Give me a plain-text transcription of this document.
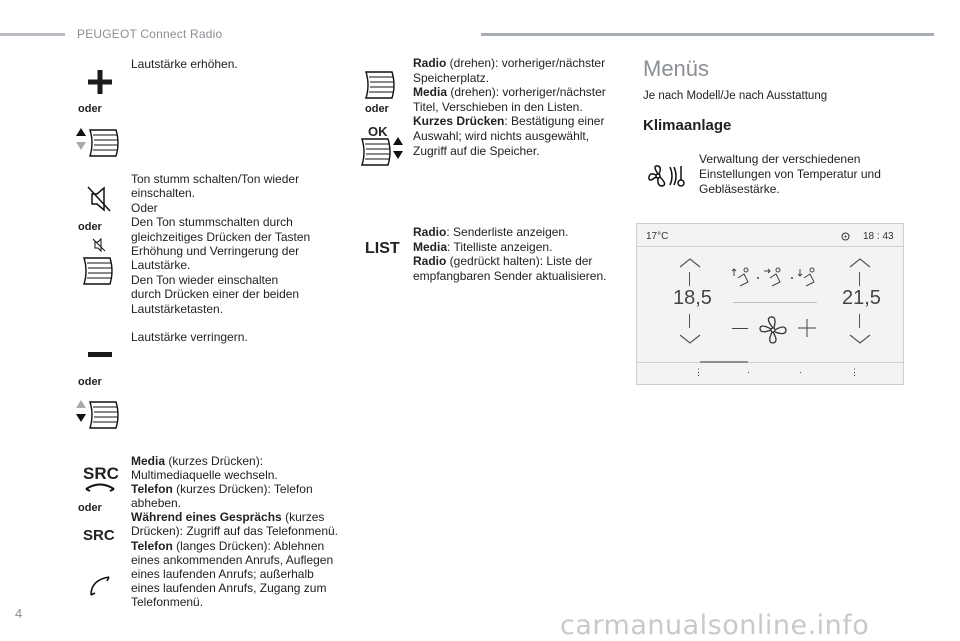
PEUGEOT Connect Radio
Lautstärke erhöhen.
oder
Ton stumm schalten/Ton wieder
einschalten.
Oder
Den Ton stummschalten durch
gleichzeitiges Drücken der Tasten
Erhöhung und Verringerung der
Lautstärke.
Den Ton wieder einschalten
durch Drücken einer der beiden
Lautstärketasten.
oder
Lautstärke verringern.
oder
SRC
oder
SRC
Media (kurzes Drücken):
Multimediaquelle wechseln.
Telefon (kurzes Drücken): Telefon
abheben.
Während eines Gesprächs (kurzes
Drücken): Zugriff auf das Telefonmenü.
Telefon (langes Drücken): Ablehnen
eines ankommenden Anrufs, Auflegen
eines laufenden Anrufs; außerhalb
eines laufenden Anrufs, Zugang zum
Telefonmenü.
oder
OK
Radio (drehen): vorheriger/nächster
Speicherplatz.
Media (drehen): vorheriger/nächster
Titel, Verschieben in den Listen.
Kurzes Drücken: Bestätigung einer
Auswahl; wird nichts ausgewählt,
Zugriff auf die Speicher.
LIST
Radio: Senderliste anzeigen.
Media: Titelliste anzeigen.
Radio (gedrückt halten): Liste der
empfangbaren Sender aktualisieren.
Menüs
Je nach Modell/Je nach Ausstattung
Klimaanlage
Verwaltung der verschiedenen
Einstellungen von Temperatur und
Gebläsestärke.
17°C	18 : 43
18,5	21,5
⋮	·	·	⋮
4	carmanualsonline.info
